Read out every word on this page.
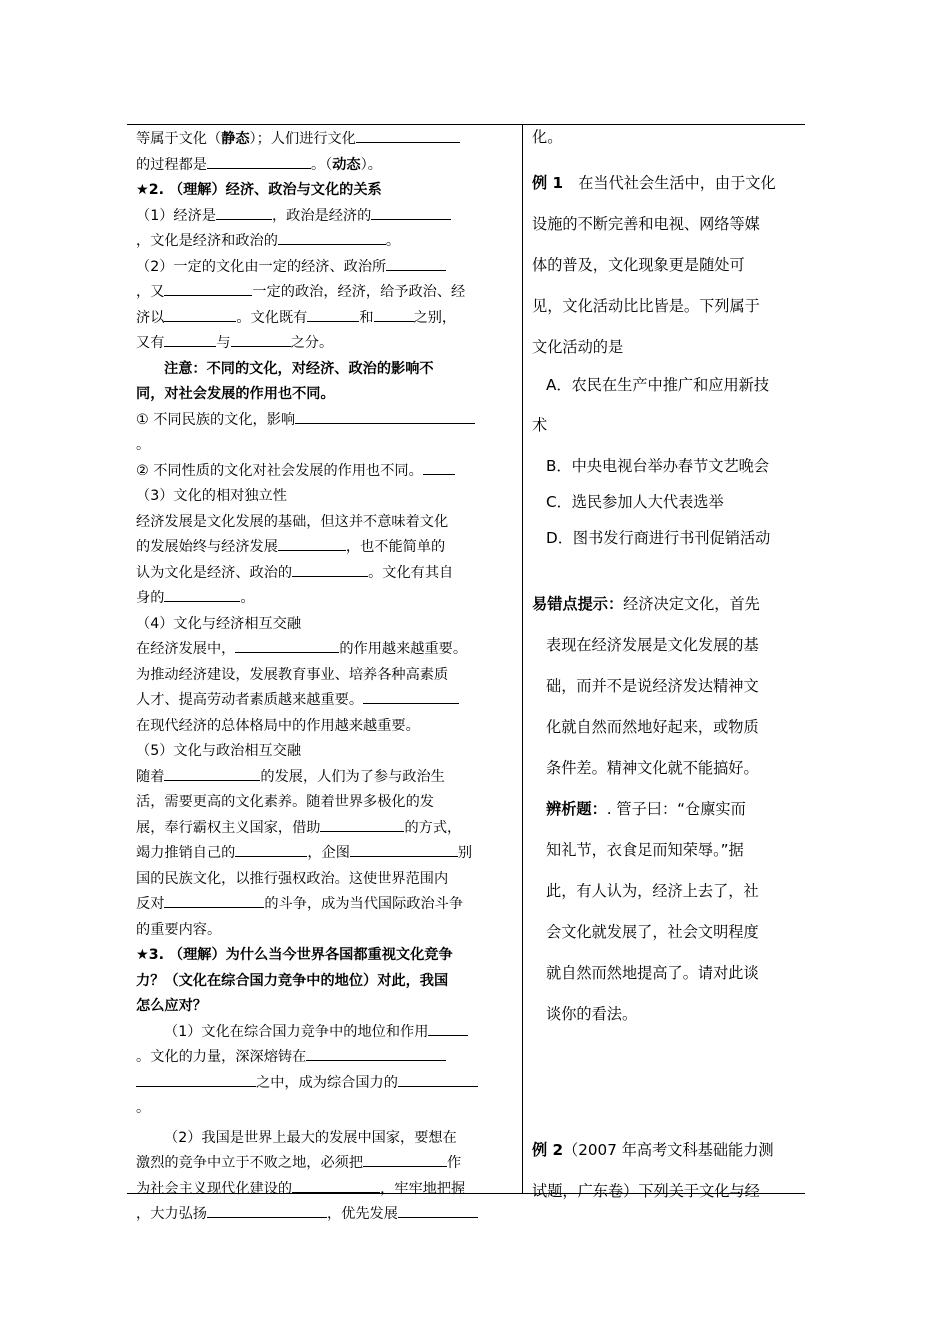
等属于文化（静态）；人们进行文化

的过程都是	。（动态）。

★2. （理解）经济、政治与文化的关系

（1）经济是	，政治是经济的

，文化是经济和政治的	。

（2）一定的文化由一定的经济、政治所

，又	一定的政治，经济，给予政治、经

济以	。文化既有	和	之别，

又有	与	之分。

注意：不同的文化，对经济、政治的影响不

同，对社会发展的作用也不同。

① 不同民族的文化，影响

。

② 不同性质的文化对社会发展的作用也不同。

（3）文化的相对独立性

经济发展是文化发展的基础，但这并不意味着文化

的发展始终与经济发展	，也不能简单的

认为文化是经济、政治的	。文化有其自

身的	。

（4）文化与经济相互交融

在经济发展中，	的作用越来越重要。

为推动经济建设，发展教育事业、培养各种高素质

人才、提高劳动者素质越来越重要。

在现代经济的总体格局中的作用越来越重要。

（5）文化与政治相互交融

随着	的发展，人们为了参与政治生

活，需要更高的文化素养。随着世界多极化的发

展，奉行霸权主义国家，借助	的方式，

竭力推销自己的	，企图	别

国的民族文化，以推行强权政治。这使世界范围内

反对	的斗争，成为当代国际政治斗争

的重要内容。

★3. （理解）为什么当今世界各国都重视文化竞争

力？（文化在综合国力竞争中的地位）对此，我国

怎么应对？

（1）文化在综合国力竞争中的地位和作用

。文化的力量，深深熔铸在

之中，成为综合国力的

。

（2）我国是世界上最大的发展中国家，要想在

激烈的竞争中立于不败之地，必须把	作

为社会主义现代化建设的	，牢牢地把握

，大力弘扬	，优先发展

化。

例 1　在当代社会生活中，由于文化

设施的不断完善和电视、网络等媒

体的普及，文化现象更是随处可

见，文化活动比比皆是。下列属于

文化活动的是

A．农民在生产中推广和应用新技

术

B．中央电视台举办春节文艺晚会

C．选民参加人大代表选举

D．图书发行商进行书刊促销活动

易错点提示：经济决定文化，首先

表现在经济发展是文化发展的基

础，而并不是说经济发达精神文

化就自然而然地好起来，或物质

条件差。精神文化就不能搞好。

辨析题：. 管子曰：“仓廪实而

知礼节，衣食足而知荣辱。”据

此，有人认为，经济上去了，社

会文化就发展了，社会文明程度

就自然而然地提高了。请对此谈

谈你的看法。

例 2（2007 年高考文科基础能力测

试题，广东卷）下列关于文化与经
